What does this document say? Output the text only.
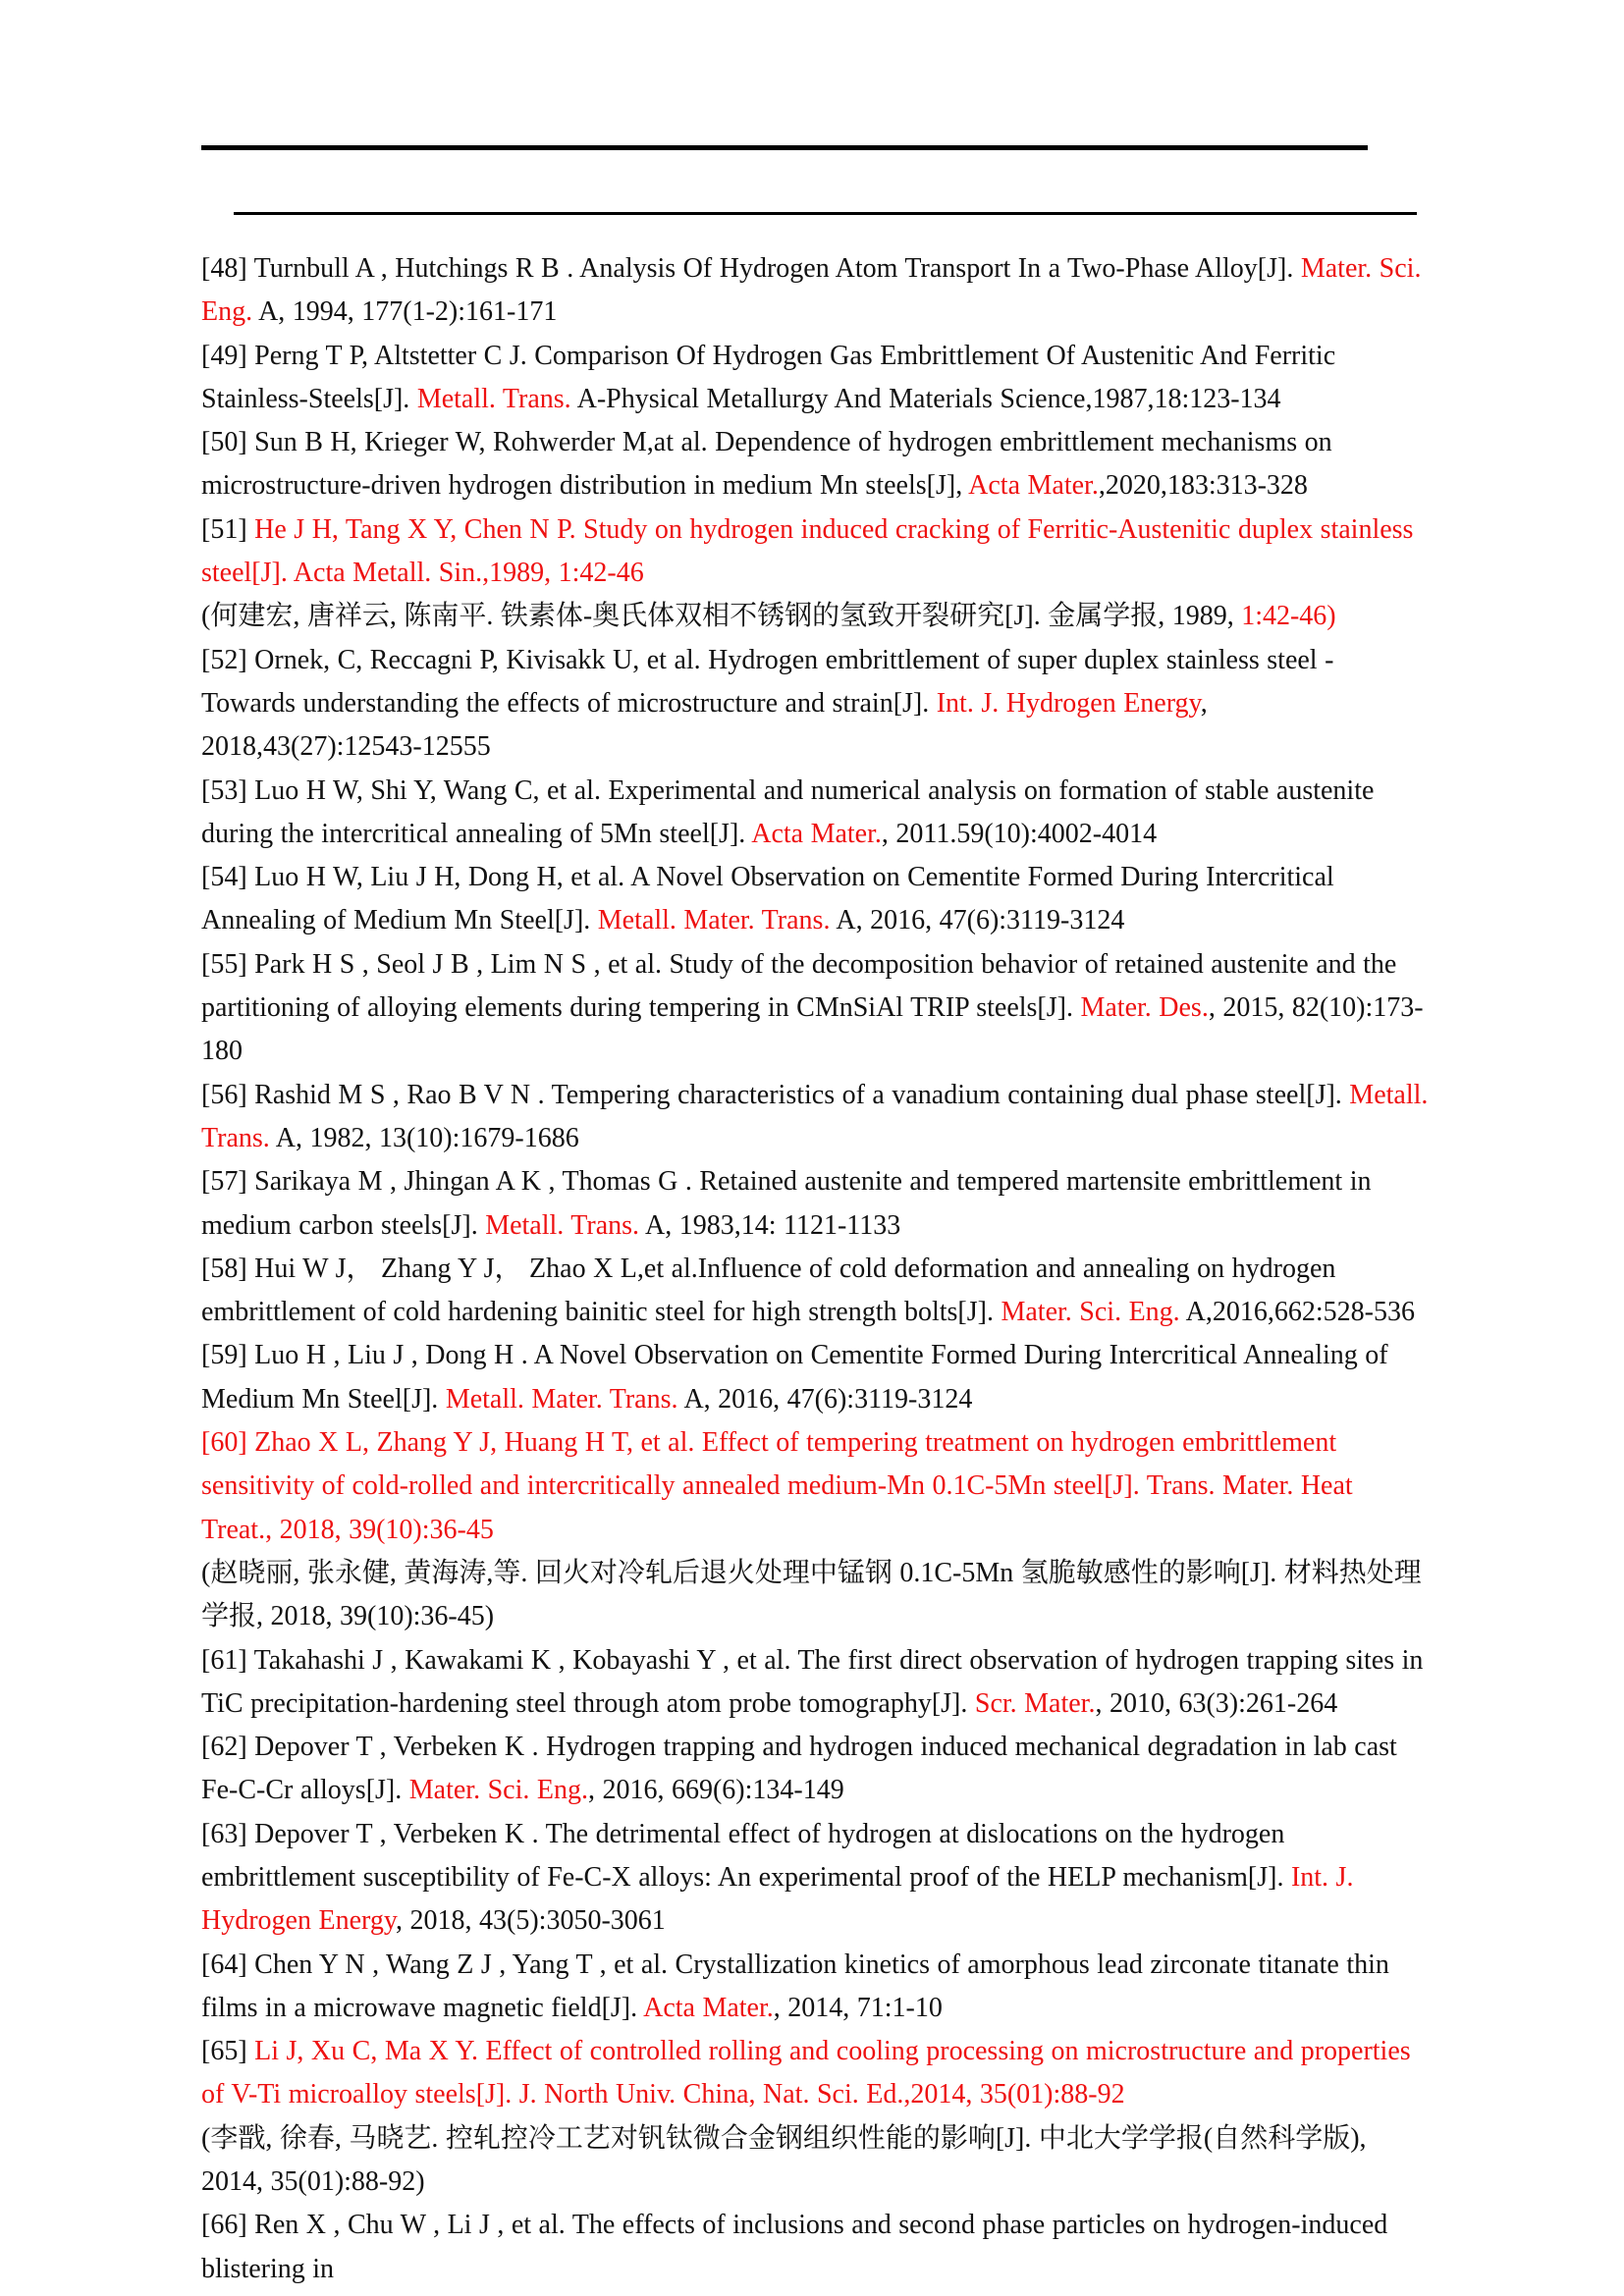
[48] Turnbull A , Hutchings R B . Analysis Of Hydrogen Atom Transport In a Two-Phase Alloy[J]. Mater. Sci. Eng. A, 1994, 177(1-2):161-171

[49] Perng T P, Altstetter C J. Comparison Of Hydrogen Gas Embrittlement Of Austenitic And Ferritic Stainless-Steels[J]. Metall. Trans. A-Physical Metallurgy And Materials Science,1987,18:123-134

[50] Sun B H, Krieger W, Rohwerder M,at al. Dependence of hydrogen embrittlement mechanisms on microstructure-driven hydrogen distribution in medium Mn steels[J], Acta Mater.,2020,183:313-328

[51] He J H, Tang X Y, Chen N P. Study on hydrogen induced cracking of Ferritic-Austenitic duplex stainless steel[J]. Acta Metall. Sin.,1989, 1:42-46

(何建宏, 唐祥云, 陈南平. 铁素体-奥氏体双相不锈钢的氢致开裂研究[J]. 金属学报, 1989, 1:42-46)

[52] Ornek, C, Reccagni P, Kivisakk U, et al. Hydrogen embrittlement of super duplex stainless steel - Towards understanding the effects of microstructure and strain[J]. Int. J. Hydrogen Energy, 2018,43(27):12543-12555

[53] Luo H W, Shi Y, Wang C, et al. Experimental and numerical analysis on formation of stable austenite during the intercritical annealing of 5Mn steel[J]. Acta Mater., 2011.59(10):4002-4014

[54] Luo H W, Liu J H, Dong H, et al. A Novel Observation on Cementite Formed During Intercritical Annealing of Medium Mn Steel[J]. Metall. Mater. Trans. A, 2016, 47(6):3119-3124

[55] Park H S , Seol J B , Lim N S , et al. Study of the decomposition behavior of retained austenite and the partitioning of alloying elements during tempering in CMnSiAl TRIP steels[J]. Mater. Des., 2015, 82(10):173-180

[56] Rashid M S , Rao B V N . Tempering characteristics of a vanadium containing dual phase steel[J]. Metall. Trans. A, 1982, 13(10):1679-1686

[57] Sarikaya M , Jhingan A K , Thomas G . Retained austenite and tempered martensite embrittlement in medium carbon steels[J]. Metall. Trans. A, 1983,14: 1121-1133

[58] Hui W J， Zhang Y J， Zhao X L,et al.Influence of cold deformation and annealing on hydrogen embrittlement of cold hardening bainitic steel for high strength bolts[J]. Mater. Sci. Eng. A,2016,662:528-536

[59] Luo H , Liu J , Dong H . A Novel Observation on Cementite Formed During Intercritical Annealing of Medium Mn Steel[J]. Metall. Mater. Trans. A, 2016, 47(6):3119-3124

[60] Zhao X L, Zhang Y J, Huang H T, et al. Effect of tempering treatment on hydrogen embrittlement sensitivity of cold-rolled and intercritically annealed medium-Mn 0.1C-5Mn steel[J]. Trans. Mater. Heat Treat., 2018, 39(10):36-45

(赵晓丽, 张永健, 黄海涛,等. 回火对冷轧后退火处理中锰钢 0.1C-5Mn 氢脆敏感性的影响[J]. 材料热处理学报, 2018, 39(10):36-45)

[61] Takahashi J , Kawakami K , Kobayashi Y , et al. The first direct observation of hydrogen trapping sites in TiC precipitation-hardening steel through atom probe tomography[J]. Scr. Mater., 2010, 63(3):261-264

[62] Depover T , Verbeken K . Hydrogen trapping and hydrogen induced mechanical degradation in lab cast Fe-C-Cr alloys[J]. Mater. Sci. Eng., 2016, 669(6):134-149

[63] Depover T , Verbeken K . The detrimental effect of hydrogen at dislocations on the hydrogen embrittlement susceptibility of Fe-C-X alloys: An experimental proof of the HELP mechanism[J]. Int. J. Hydrogen Energy, 2018, 43(5):3050-3061

[64] Chen Y N , Wang Z J , Yang T , et al. Crystallization kinetics of amorphous lead zirconate titanate thin films in a microwave magnetic field[J]. Acta Mater., 2014, 71:1-10

[65] Li J, Xu C, Ma X Y. Effect of controlled rolling and cooling processing on microstructure and properties of V-Ti microalloy steels[J]. J. North Univ. China, Nat. Sci. Ed.,2014, 35(01):88-92

(李戬, 徐春, 马晓艺. 控轧控冷工艺对钒钛微合金钢组织性能的影响[J]. 中北大学学报(自然科学版), 2014, 35(01):88-92)

[66] Ren X , Chu W , Li J , et al. The effects of inclusions and second phase particles on hydrogen-induced blistering in
